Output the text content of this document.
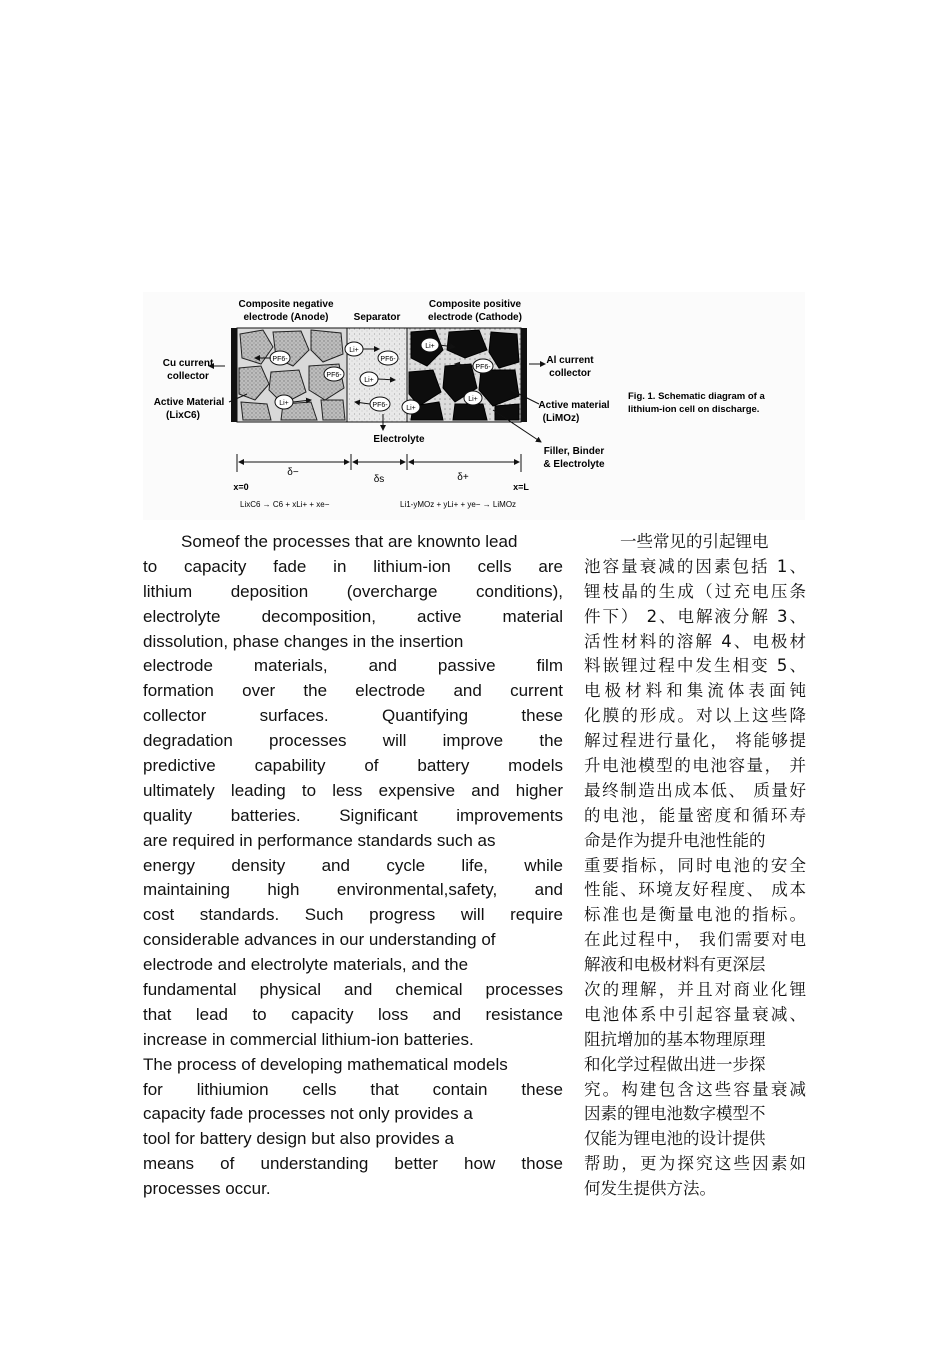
Composite negative
electrode (Anode)	Separator
Composite positive
electrode (Cathode)
PF6-
PF6-
Li+
Li+
PF6-
Li+
PF6-
Li+
PF6-
Li+
Li+
Cu current
collector
Active Material
(LixC6)
Al current
collector
Active material
(LiMOz)
Electrolyte
Filler, Binder
& Electrolyte
δ−
δs	δ+
x=0	x=L
LixC6 → C6 + xLi+ + xe−	Li1-yMOz + yLi+ + ye− → LiMOz
Fig. 1. Schematic diagram of a
lithium-ion cell on discharge.
Someof the processes that are knownto lead
to capacity fade in lithium-ion cells are
lithium deposition (overcharge conditions),
electrolyte decomposition, active material
dissolution, phase changes in the insertion
electrode materials, and passive film
formation over the electrode and current
collector surfaces. Quantifying these
degradation processes will improve the
predictive capability of battery models
ultimately leading to less expensive and higher
quality batteries. Significant improvements
are required in performance standards such as
energy density and cycle life, while
maintaining high environmental,safety, and
cost standards. Such progress will require
considerable advances in our understanding of
electrode and electrolyte materials, and the
fundamental physical and chemical processes
that lead to capacity loss and resistance
increase in commercial lithium-ion batteries.
The process of developing mathematical models
for lithiumion cells that contain these
capacity fade processes not only provides a
tool for battery design but also provides a
means of understanding better how those
processes occur.
一些常见的引起锂电
池容量衰减的因素包括 1、
锂枝晶的生成（过充电压条
件下） 2、电解液分解 3、
活性材料的溶解 4、电极材
料嵌锂过程中发生相变 5、
电极材料和集流体表面钝
化膜的形成。对以上这些降
解过程进行量化， 将能够提
升电池模型的电池容量， 并
最终制造出成本低、 质量好
的电池，能量密度和循环寿
命是作为提升电池性能的
重要指标，同时电池的安全
性能、环境友好程度、 成本
标准也是衡量电池的指标。
在此过程中， 我们需要对电
解液和电极材料有更深层
次的理解，并且对商业化锂
电池体系中引起容量衰减、
阻抗增加的基本物理原理
和化学过程做出进一步探
究。构建包含这些容量衰减
因素的锂电池数字模型不
仅能为锂电池的设计提供
帮助，更为探究这些因素如
何发生提供方法。
